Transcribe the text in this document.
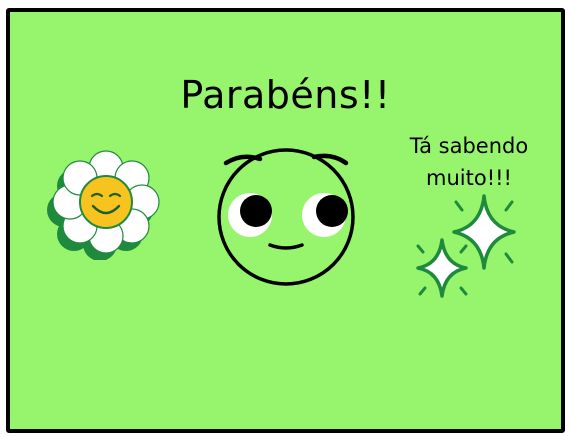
Parabéns!!
Tá sabendo muito!!!
